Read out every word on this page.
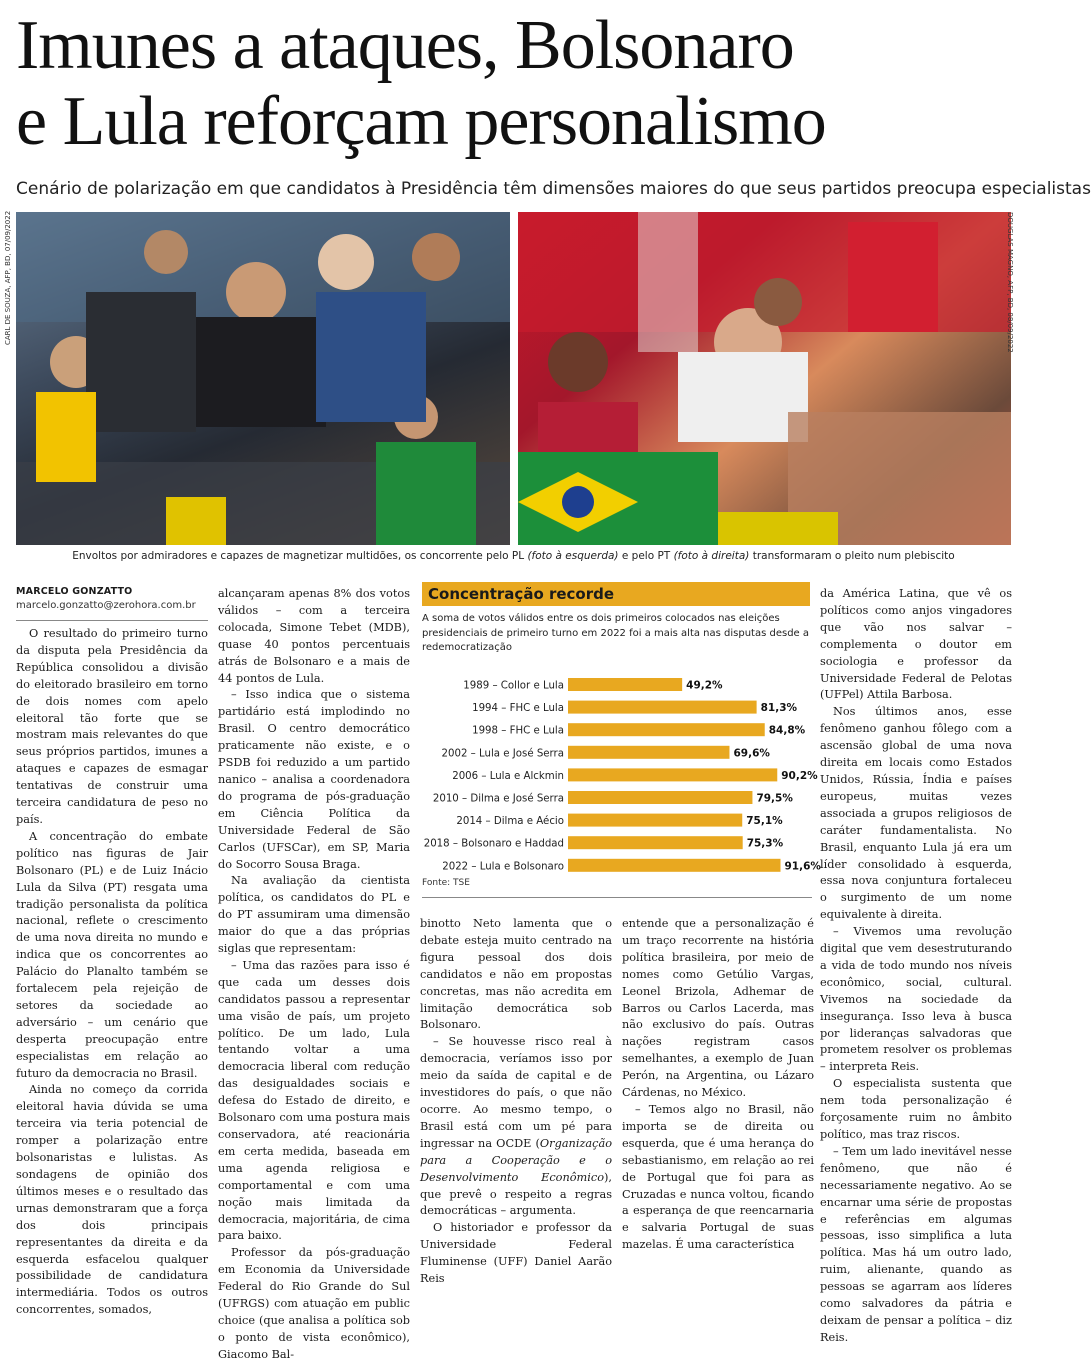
Imunes a ataques, Bolsonaro
e Lula reforçam personalismo
Cenário de polarização em que candidatos à Presidência têm dimensões maiores do que seus partidos preocupa especialistas
CARL DE SOUZA, AFP, BD, 07/09/2022	DOUGLAS MAGNO, AFP, BD, 08/09/2022
Envoltos por admiradores e capazes de magnetizar multidões, os concorrente pelo PL (foto à esquerda) e pelo PT (foto à direita) transformaram o pleito num plebiscito
MARCELO GONZATTO
marcelo.gonzatto@zerohora.com.br

O resultado do primeiro turno da disputa pela Presidência da República consolidou a divisão do eleitorado brasileiro em torno de dois nomes com apelo eleitoral tão forte que se mostram mais relevantes do que seus próprios partidos, imunes a ataques e capazes de esmagar tentativas de construir uma terceira candidatura de peso no país.

A concentração do embate político nas figuras de Jair Bolsonaro (PL) e de Luiz Inácio Lula da Silva (PT) resgata uma tradição personalista da política nacional, reflete o crescimento de uma nova direita no mundo e indica que os concorrentes ao Palácio do Planalto também se fortalecem pela rejeição de setores da sociedade ao adversário – um cenário que desperta preocupação entre especialistas em relação ao futuro da democracia no Brasil.

Ainda no começo da corrida eleitoral havia dúvida se uma terceira via teria potencial de romper a polarização entre bolsonaristas e lulistas. As sondagens de opinião dos últimos meses e o resultado das urnas demonstraram que a força dos dois principais representantes da direita e da esquerda esfacelou qualquer possibilidade de candidatura intermediária. Todos os outros concorrentes, somados,

alcançaram apenas 8% dos votos válidos – com a terceira colocada, Simone Tebet (MDB), quase 40 pontos percentuais atrás de Bolsonaro e a mais de 44 pontos de Lula.

– Isso indica que o sistema partidário está implodindo no Brasil. O centro democrático praticamente não existe, e o PSDB foi reduzido a um partido nanico – analisa a coordenadora do programa de pós-graduação em Ciência Política da Universidade Federal de São Carlos (UFSCar), em SP, Maria do Socorro Sousa Braga.

Na avaliação da cientista política, os candidatos do PL e do PT assumiram uma dimensão maior do que a das próprias siglas que representam:

– Uma das razões para isso é que cada um desses dois candidatos passou a representar uma visão de país, um projeto político. De um lado, Lula tentando voltar a uma democracia liberal com redução das desigualdades sociais e defesa do Estado de direito, e Bolsonaro com uma postura mais conservadora, até reacionária em certa medida, baseada em uma agenda religiosa e comportamental e com uma noção mais limitada da democracia, majoritária, de cima para baixo.

Professor da pós-graduação em Economia da Universidade Federal do Rio Grande do Sul (UFRGS) com atuação em public choice (que analisa a política sob o ponto de vista econômico), Giacomo Bal-

Concentração recorde
A soma de votos válidos entre os dois primeiros colocados nas eleições presidenciais de primeiro turno em 2022 foi a mais alta nas disputas desde a redemocratização
1989 – Collor e Lula	49,2%
1994 – FHC e Lula	81,3%
1998 – FHC e Lula	84,8%
2002 – Lula e José Serra	69,6%
2006 – Lula e Alckmin	90,2%
2010 – Dilma e José Serra	79,5%
2014 – Dilma e Aécio	75,1%
2018 – Bolsonaro e Haddad	75,3%
2022 – Lula e Bolsonaro	91,6%
Fonte: TSE

binotto Neto lamenta que o debate esteja muito centrado na figura pessoal dos dois candidatos e não em propostas concretas, mas não acredita em limitação democrática sob Bolsonaro.

– Se houvesse risco real à democracia, veríamos isso por meio da saída de capital e de investidores do país, o que não ocorre. Ao mesmo tempo, o Brasil está com um pé para ingressar na OCDE (Organização para a Cooperação e o Desenvolvimento Econômico), que prevê o respeito a regras democráticas – argumenta.

O historiador e professor da Universidade Federal Fluminense (UFF) Daniel Aarão Reis

entende que a personalização é um traço recorrente na história política brasileira, por meio de nomes como Getúlio Vargas, Leonel Brizola, Adhemar de Barros ou Carlos Lacerda, mas não exclusivo do país. Outras nações registram casos semelhantes, a exemplo de Juan Perón, na Argentina, ou Lázaro Cárdenas, no México.

– Temos algo no Brasil, não importa se de direita ou esquerda, que é uma herança do sebastianismo, em relação ao rei de Portugal que foi para as Cruzadas e nunca voltou, ficando a esperança de que reencarnaria e salvaria Portugal de suas mazelas. É uma característica

da América Latina, que vê os políticos como anjos vingadores que vão nos salvar – complementa o doutor em sociologia e professor da Universidade Federal de Pelotas (UFPel) Attila Barbosa.

Nos últimos anos, esse fenômeno ganhou fôlego com a ascensão global de uma nova direita em locais como Estados Unidos, Rússia, Índia e países europeus, muitas vezes associada a grupos religiosos de caráter fundamentalista. No Brasil, enquanto Lula já era um líder consolidado à esquerda, essa nova conjuntura fortaleceu o surgimento de um nome equivalente à direita.

– Vivemos uma revolução digital que vem desestruturando a vida de todo mundo nos níveis econômico, social, cultural. Vivemos na sociedade da insegurança. Isso leva à busca por lideranças salvadoras que prometem resolver os problemas – interpreta Reis.

O especialista sustenta que nem toda personalização é forçosamente ruim no âmbito político, mas traz riscos.

– Tem um lado inevitável nesse fenômeno, que não é necessariamente negativo. Ao se encarnar uma série de propostas e referências em algumas pessoas, isso simplifica a luta política. Mas há um outro lado, ruim, alienante, quando as pessoas se agarram aos líderes como salvadores da pátria e deixam de pensar a política – diz Reis.
